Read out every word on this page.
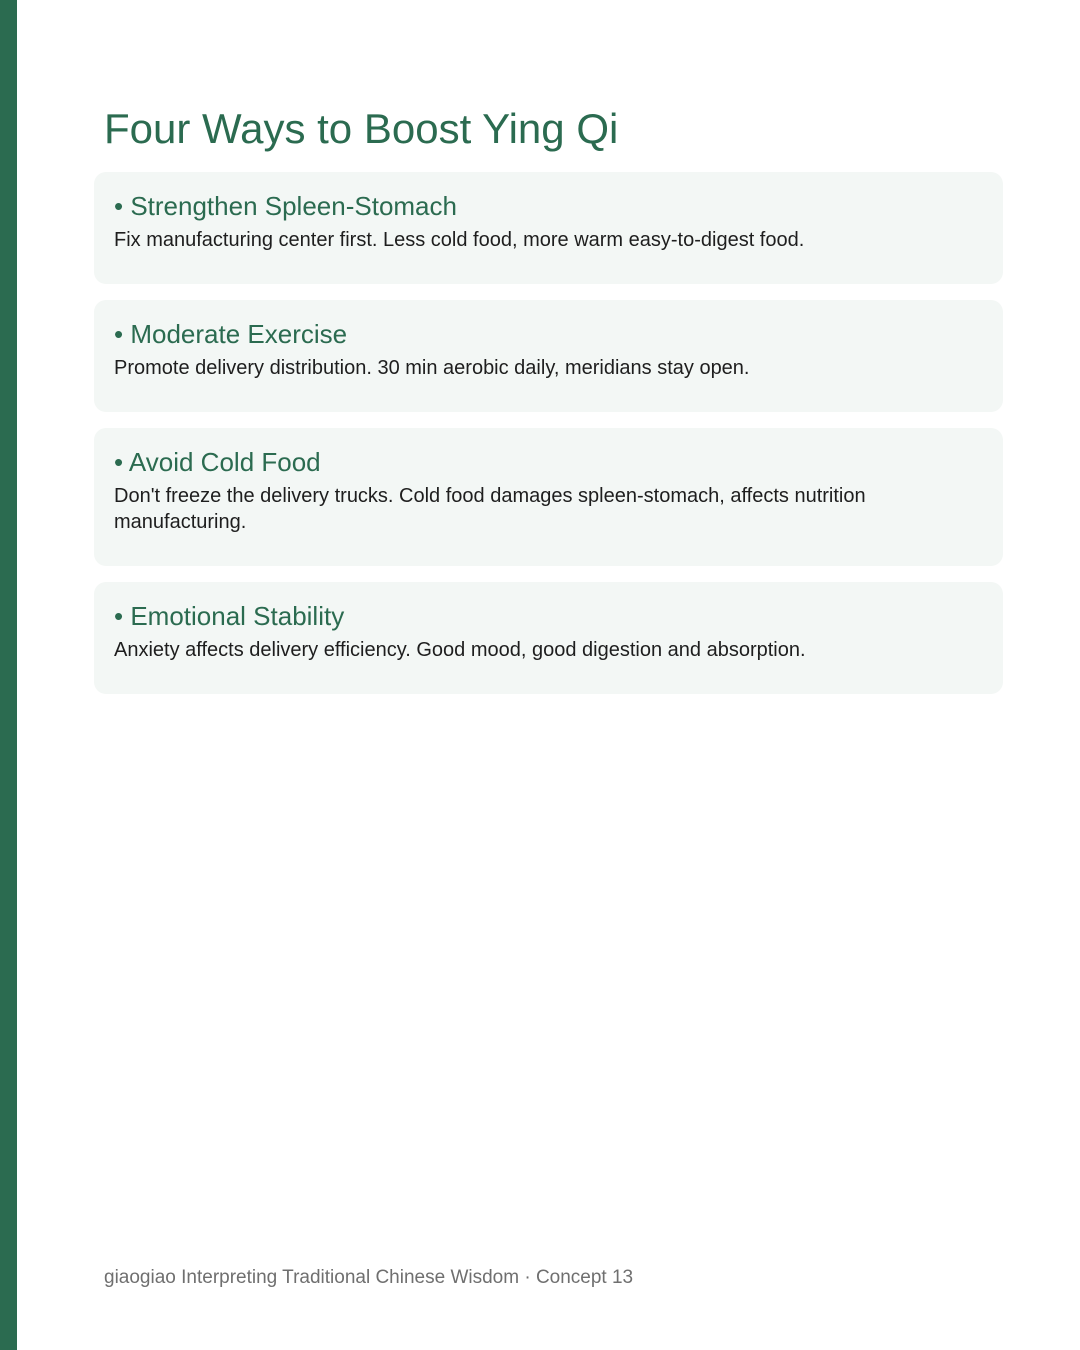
Four Ways to Boost Ying Qi
• Strengthen Spleen-Stomach
Fix manufacturing center first. Less cold food, more warm easy-to-digest food.
• Moderate Exercise
Promote delivery distribution. 30 min aerobic daily, meridians stay open.
• Avoid Cold Food
Don't freeze the delivery trucks. Cold food damages spleen-stomach, affects nutrition manufacturing.
• Emotional Stability
Anxiety affects delivery efficiency. Good mood, good digestion and absorption.
giaogiao Interpreting Traditional Chinese Wisdom · Concept 13
